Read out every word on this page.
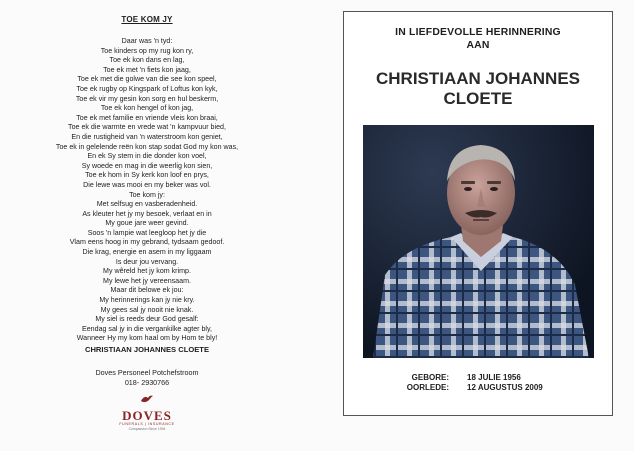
TOE KOM JY
Daar was 'n tyd:
Toe kinders op my rug kon ry,
Toe ek kon dans en lag,
Toe ek met 'n fiets kon jaag,
Toe ek met die golwe van die see kon speel,
Toe ek rugby op Kingspark of Loftus kon kyk,
Toe ek vir my gesin kon sorg en hul beskerm,
Toe ek kon hengel of kon jag,
Toe ek met familie en vriende vleis kon braai,
Toe ek die warmte en vrede wat 'n kampvuur bied,
En die rustigheid van 'n waterstroom kon geniet,
Toe ek in gelelende reën kon stap sodat God my kon was,
En ek Sy stem in die donder kon voel,
Sy woede en mag in die weerlig kon sien,
Toe ek hom in Sy kerk kon loof en prys,
Die lewe was mooi en my beker was vol.
Toe kom jy:
Met selfsug en vasberadenheid.
As kleuter het jy my besoek, verlaat en in
My goue jare weer gevind.
Soos 'n lampie wat leegloop het jy die
Vlam eens hoog in my gebrand, tydsaam gedoof.
Die krag, energie en asem in my liggaam
Is deur jou vervang.
My wêreld het jy kom krimp.
My lewe het jy vereensaam.
Maar dit belowe ek jou:
My herinnerings kan jy nie kry.
My gees sal jy nooit nie knak.
My siel is reeds deur God gesalf:
Eendag sal jy in die vergankilke agter bly,
Wanneer Hy my kom haal om by Hom te bly!
CHRISTIAAN JOHANNES CLOETE
Doves Personeel Potchefstroom
018- 2930766
DOVES
FUNERALS | INSURANCE
Compassion Since 1994
IN LIEFDEVOLLE HERINNERING
AAN
CHRISTIAAN JOHANNES
CLOETE
GEBORE:	18 JULIE 1956
OORLEDE:	12 AUGUSTUS 2009
